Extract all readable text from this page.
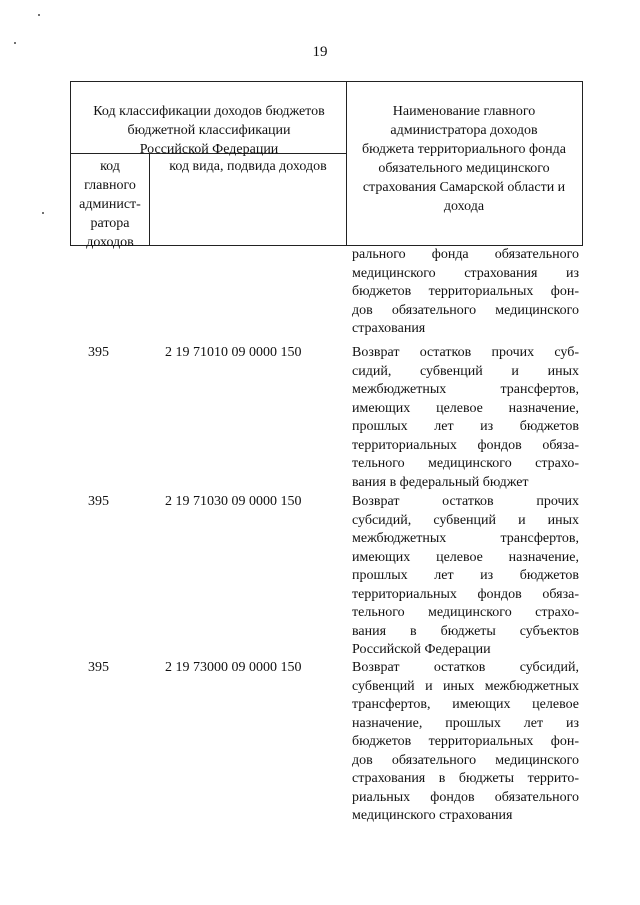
19
Код классификации доходов бюджетов
бюджетной классификации
Российской Федерации
код
главного
админист-
ратора
доходов
код вида, подвида доходов
Наименование главного
администратора доходов
бюджета территориального фонда
обязательного медицинского
страхования Самарской области и
дохода
рального фонда обязательного
медицинского страхования из
бюджетов территориальных фон-
дов обязательного медицинского
страхования
395	2 19 71010 09 0000 150	Возврат остатков прочих суб-
сидий, субвенций и иных
межбюджетных трансфертов,
имеющих целевое назначение,
прошлых лет из бюджетов
территориальных фондов обяза-
тельного медицинского страхо-
вания в федеральный бюджет
395	2 19 71030 09 0000 150	Возврат остатков прочих
субсидий, субвенций и иных
межбюджетных трансфертов,
имеющих целевое назначение,
прошлых лет из бюджетов
территориальных фондов обяза-
тельного медицинского страхо-
вания в бюджеты субъектов
Российской Федерации
395	2 19 73000 09 0000 150	Возврат остатков субсидий,
субвенций и иных межбюджетных
трансфертов, имеющих целевое
назначение, прошлых лет из
бюджетов территориальных фон-
дов обязательного медицинского
страхования в бюджеты террито-
риальных фондов обязательного
медицинского страхования
